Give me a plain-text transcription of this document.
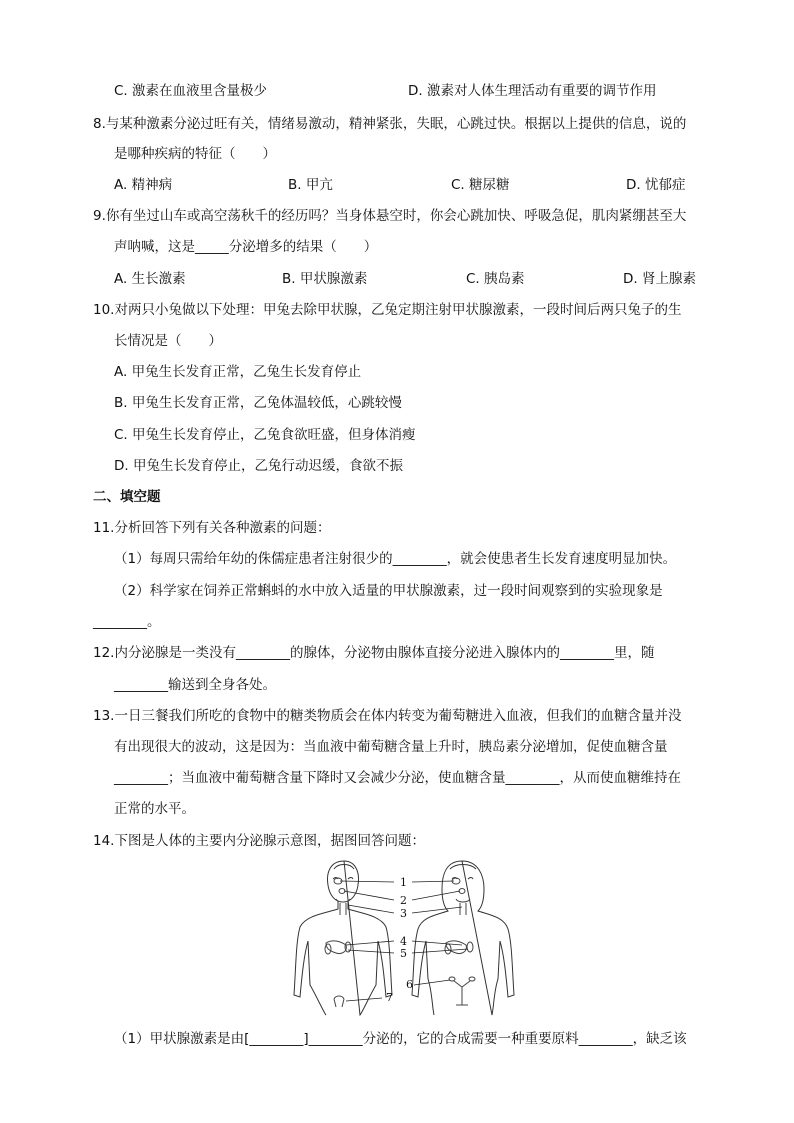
C. 激素在血液里含量极少	D. 激素对人体生理活动有重要的调节作用
8.与某种激素分泌过旺有关，情绪易激动，精神紧张，失眠，心跳过快。根据以上提供的信息，说的
是哪种疾病的特征（　　）
A. 精神病	B. 甲亢	C. 糖尿糖	D. 忧郁症
9.你有坐过山车或高空荡秋千的经历吗？当身体悬空时，你会心跳加快、呼吸急促，肌肉紧绷甚至大
声呐喊，这是_____分泌增多的结果（　　）
A. 生长激素	B. 甲状腺激素	C. 胰岛素	D. 肾上腺素
10.对两只小兔做以下处理：甲兔去除甲状腺，乙兔定期注射甲状腺激素，一段时间后两只兔子的生
长情况是（　　）
A. 甲兔生长发育正常，乙兔生长发育停止
B. 甲兔生长发育正常，乙兔体温较低，心跳较慢
C. 甲兔生长发育停止，乙兔食欲旺盛，但身体消瘦
D. 甲兔生长发育停止，乙兔行动迟缓，食欲不振
二、填空题
11.分析回答下列有关各种激素的问题：
（1）每周只需给年幼的侏儒症患者注射很少的________，就会使患者生长发育速度明显加快。
（2）科学家在饲养正常蝌蚪的水中放入适量的甲状腺激素，过一段时间观察到的实验现象是
________。
12.内分泌腺是一类没有________的腺体，分泌物由腺体直接分泌进入腺体内的________里，随
________输送到全身各处。
13.一日三餐我们所吃的食物中的糖类物质会在体内转变为葡萄糖进入血液，但我们的血糖含量并没
有出现很大的波动，这是因为：当血液中葡萄糖含量上升时，胰岛素分泌增加，促使血糖含量
________；当血液中葡萄糖含量下降时又会减少分泌，使血糖含量________，从而使血糖维持在
正常的水平。
14.下图是人体的主要内分泌腺示意图，据图回答问题：
1
2
3
4
5
6
7
（1）甲状腺激素是由[________]________分泌的，它的合成需要一种重要原料________，缺乏该
